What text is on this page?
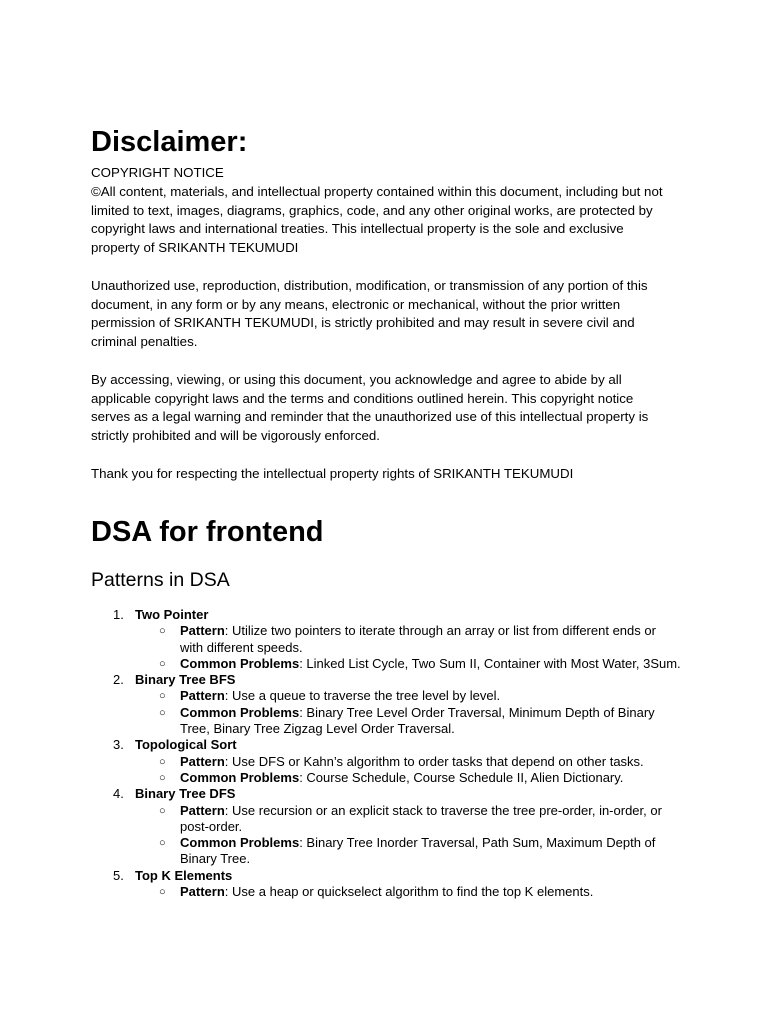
Disclaimer:

COPYRIGHT NOTICE
©All content, materials, and intellectual property contained within this document, including but not limited to text, images, diagrams, graphics, code, and any other original works, are protected by copyright laws and international treaties. This intellectual property is the sole and exclusive property of SRIKANTH TEKUMUDI

Unauthorized use, reproduction, distribution, modification, or transmission of any portion of this document, in any form or by any means, electronic or mechanical, without the prior written permission of SRIKANTH TEKUMUDI, is strictly prohibited and may result in severe civil and criminal penalties.

By accessing, viewing, or using this document, you acknowledge and agree to abide by all applicable copyright laws and the terms and conditions outlined herein. This copyright notice serves as a legal warning and reminder that the unauthorized use of this intellectual property is strictly prohibited and will be vigorously enforced.

Thank you for respecting the intellectual property rights of SRIKANTH TEKUMUDI

DSA for frontend
Patterns in DSA
1. Two Pointer
○ Pattern: Utilize two pointers to iterate through an array or list from different ends or with different speeds.
○ Common Problems: Linked List Cycle, Two Sum II, Container with Most Water, 3Sum.
2. Binary Tree BFS
○ Pattern: Use a queue to traverse the tree level by level.
○ Common Problems: Binary Tree Level Order Traversal, Minimum Depth of Binary Tree, Binary Tree Zigzag Level Order Traversal.
3. Topological Sort
○ Pattern: Use DFS or Kahn’s algorithm to order tasks that depend on other tasks.
○ Common Problems: Course Schedule, Course Schedule II, Alien Dictionary.
4. Binary Tree DFS
○ Pattern: Use recursion or an explicit stack to traverse the tree pre-order, in-order, or post-order.
○ Common Problems: Binary Tree Inorder Traversal, Path Sum, Maximum Depth of Binary Tree.
5. Top K Elements
○ Pattern: Use a heap or quickselect algorithm to find the top K elements.
